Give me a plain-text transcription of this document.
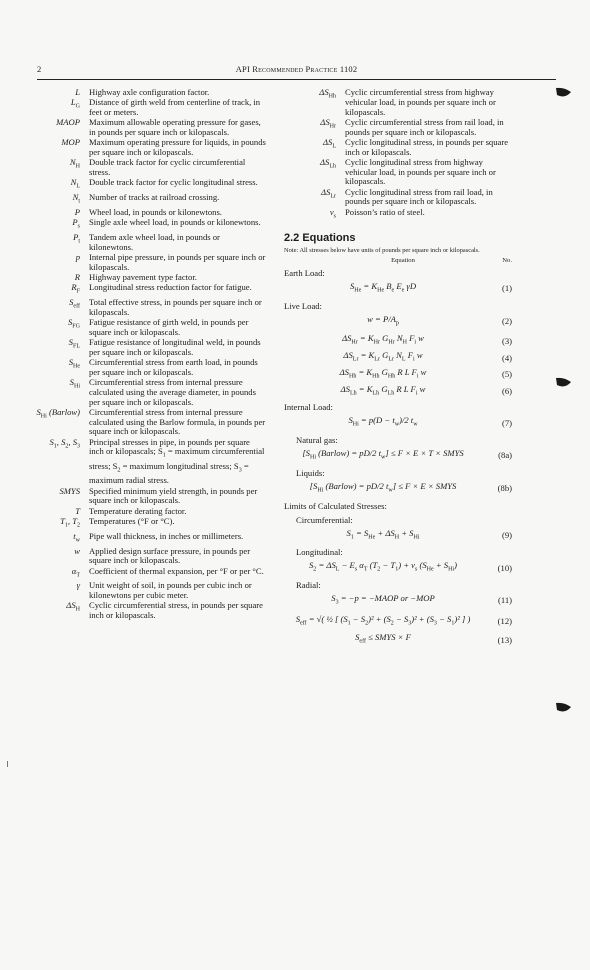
2	API Recommended Practice 1102
L	Highway axle configuration factor.
$L_G$	Distance of girth weld from centerline of track, in feet or meters.
MAOP	Maximum allowable operating pressure for gases, in pounds per square inch or kilopascals.
MOP	Maximum operating pressure for liquids, in pounds per square inch or kilopascals.
$N_H$	Double track factor for cyclic circumferential stress.
$N_L$	Double track factor for cyclic longitudinal stress.
$N_t$	Number of tracks at railroad crossing.
P	Wheel load, in pounds or kilonewtons.
$P_s$	Single axle wheel load, in pounds or kilonewtons.
$P_t$	Tandem axle wheel load, in pounds or kilonewtons.
p	Internal pipe pressure, in pounds per square inch or kilopascals.
R	Highway pavement type factor.
$R_F$	Longitudinal stress reduction factor for fatigue.
$S_{eff}$	Total effective stress, in pounds per square inch or kilopascals.
$S_{FG}$	Fatigue resistance of girth weld, in pounds per square inch or kilopascals.
$S_{FL}$	Fatigue resistance of longitudinal weld, in pounds per square inch or kilopascals.
$S_{He}$	Circumferential stress from earth load, in pounds per square inch or kilopascals.
$S_{Hi}$	Circumferential stress from internal pressure calculated using the average diameter, in pounds per square inch or kilopascals.
$S_{Hi}$ (Barlow)	Circumferential stress from internal pressure calculated using the Barlow formula, in pounds per square inch or kilopascals.
$S_1$, $S_2$, $S_3$	Principal stresses in pipe, in pounds per square inch or kilopascals; $S_1$ = maximum circumferential stress; $S_2$ = maximum longitudinal stress; $S_3$ = maximum radial stress.
SMYS	Specified minimum yield strength, in pounds per square inch or kilopascals.
T	Temperature derating factor.
$T_1$, $T_2$	Temperatures (°F or °C).
$t_w$	Pipe wall thickness, in inches or millimeters.
w	Applied design surface pressure, in pounds per square inch or kilopascals.
$\alpha_T$	Coefficient of thermal expansion, per °F or per °C.
γ	Unit weight of soil, in pounds per cubic inch or kilonewtons per cubic meter.
$\Delta S_H$	Cyclic circumferential stress, in pounds per square inch or kilopascals.
$\Delta S_{Hh}$	Cyclic circumferential stress from highway vehicular load, in pounds per square inch or kilopascals.
$\Delta S_{Hr}$	Cyclic circumferential stress from rail load, in pounds per square inch or kilopascals.
$\Delta S_L$	Cyclic longitudinal stress, in pounds per square inch or kilopascals.
$\Delta S_{Lh}$	Cyclic longitudinal stress from highway vehicular load, in pounds per square inch or kilopascals.
$\Delta S_{Lr}$	Cyclic longitudinal stress from rail load, in pounds per square inch or kilopascals.
$v_s$	Poisson’s ratio of steel.
2.2 Equations
Note: All stresses below have units of pounds per square inch or kilopascals.
Equation	No.
Earth Load:
$S_{He} = K_{He}$ $B_e$ $E_e$ γD	(1)
Live Load:
$w = P/A_p$	(2)
$\Delta S_{Hr} = K_{Hr}$ $G_{Hr}$ $N_H$ $F_i$ w	(3)
$\Delta S_{Lr} = K_{Lr}$ $G_{Lr}$ $N_L$ $F_i$ w	(4)
$\Delta S_{Hh} = K_{Hh}$ $G_{Hh}$ R L $F_i$ w	(5)
$\Delta S_{Lh} = K_{Lh}$ $G_{Lh}$ R L $F_i$ w	(6)
Internal Load:
$S_{Hi} = p(D - t_w)/2$ $t_w$	(7)
Natural gas:
[$S_{Hi}$ (Barlow) = pD/2 $t_w] \le F \times E \times T$ × SMYS	(8a)
Liquids:
[$S_{Hi}$ (Barlow) = pD/2 $t_w] \le F \times E$ × SMYS	(8b)
Limits of Calculated Stresses:
Circumferential:
$S_1 = S_{He} + \Delta S_H + S_{Hi}$	(9)
Longitudinal:
$S_2 = \Delta S_L - E_s$ $\alpha_T$ $(T_2 - T_1) + v_s$ $(S_{He} + S_{Hi})$	(10)
Radial:
$S_3 = -p$ = −MAOP or −MOP	(11)
$S_{eff}$ = √( ½ [ $(S_1 - S_2)^2 + (S_2 - S_3)^2 + (S_3 - S_1)^2$ ] )	(12)
$S_{eff}$ ≤ SMYS × F	(13)
